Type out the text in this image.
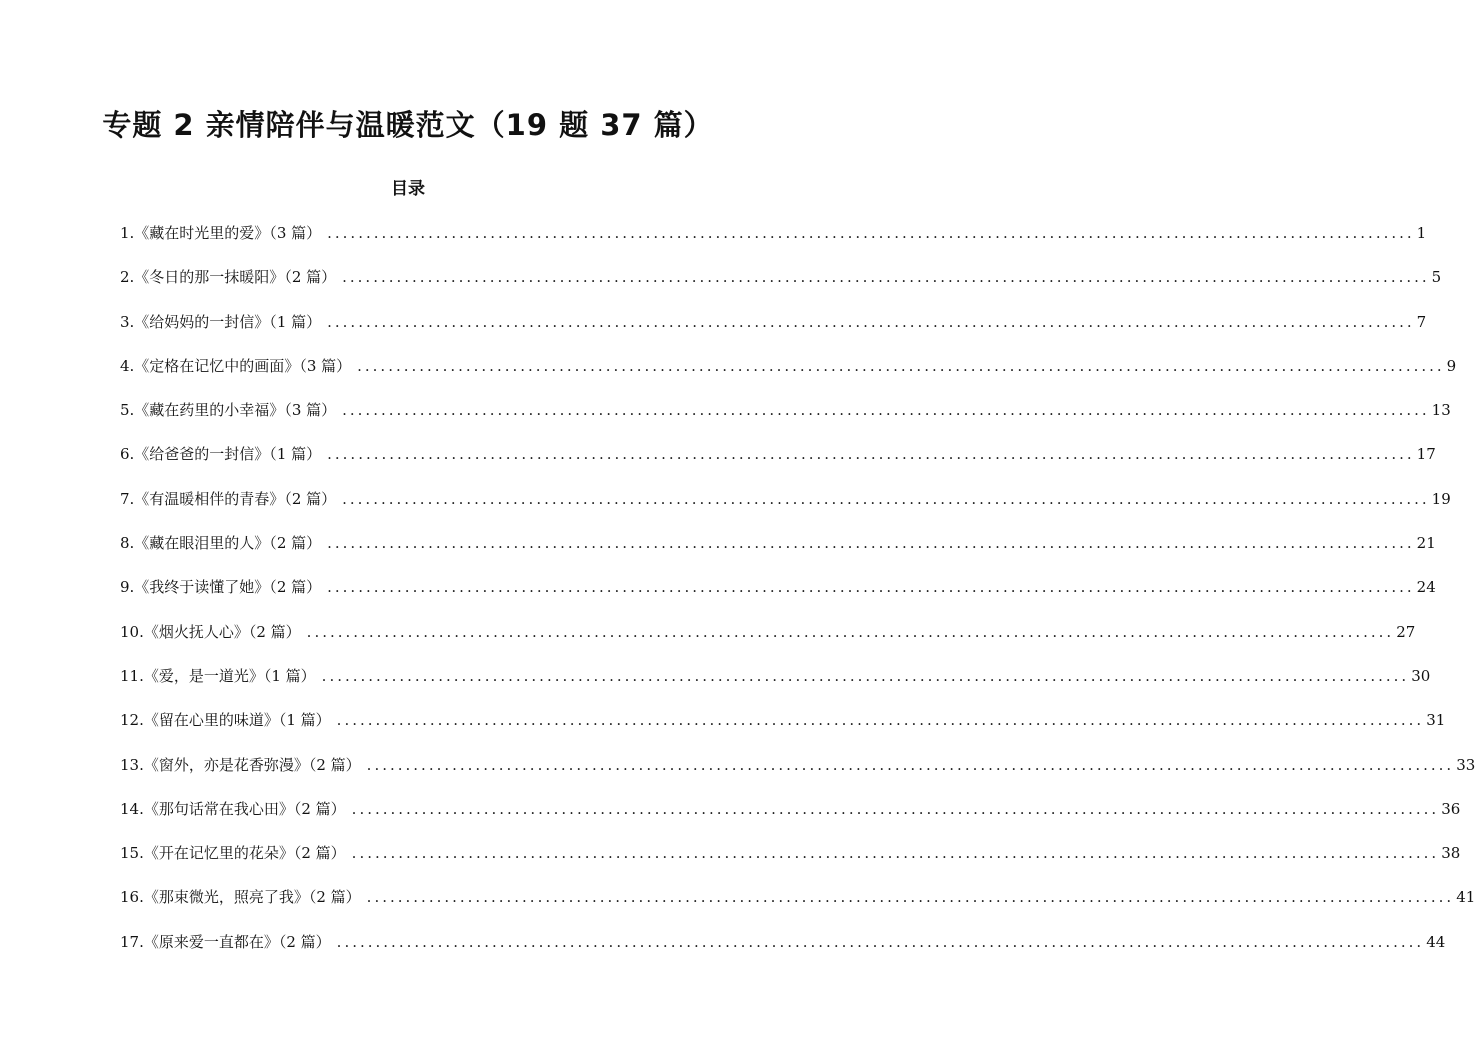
专题 2 亲情陪伴与温暖范文（19 题 37 篇）
目录
1.《藏在时光里的爱》（3 篇） ............................................................................................................................................ 1
2.《冬日的那一抹暖阳》（2 篇） ............................................................................................................................................ 5
3.《给妈妈的一封信》（1 篇） ............................................................................................................................................ 7
4.《定格在记忆中的画面》（3 篇） ............................................................................................................................................ 9
5.《藏在药里的小幸福》（3 篇） ............................................................................................................................................ 13
6.《给爸爸的一封信》（1 篇） ............................................................................................................................................ 17
7.《有温暖相伴的青春》（2 篇） ............................................................................................................................................ 19
8.《藏在眼泪里的人》（2 篇） ............................................................................................................................................ 21
9.《我终于读懂了她》（2 篇） ............................................................................................................................................ 24
10.《烟火抚人心》（2 篇） ............................................................................................................................................ 27
11.《爱，是一道光》（1 篇） ............................................................................................................................................ 30
12.《留在心里的味道》（1 篇） ............................................................................................................................................ 31
13.《窗外，亦是花香弥漫》（2 篇） ............................................................................................................................................ 33
14.《那句话常在我心田》（2 篇） ............................................................................................................................................ 36
15.《开在记忆里的花朵》（2 篇） ............................................................................................................................................ 38
16.《那束微光，照亮了我》（2 篇） ............................................................................................................................................ 41
17.《原来爱一直都在》（2 篇） ............................................................................................................................................ 44
